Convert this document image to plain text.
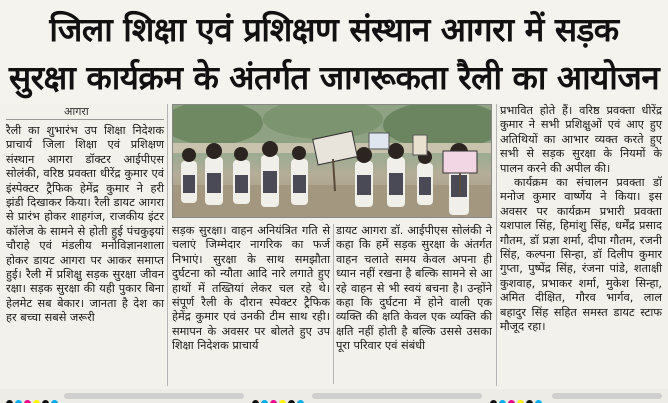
जिला शिक्षा एवं प्रशिक्षण संस्थान आगरा में सड़क
सुरक्षा कार्यक्रम के अंतर्गत जागरूकता रैली का आयोजन
आगरा

रैली का शुभारंभ उप शिक्षा निदेशक प्राचार्य जिला शिक्षा एवं प्रशिक्षण संस्थान आगरा डॉक्टर आईपीएस सोलंकी, वरिष्ठ प्रवक्ता धीरेंद्र कुमार एवं इंस्पेक्टर ट्रैफिक हेमेंद्र कुमार ने हरी झंडी दिखाकर किया। रैली डायट आगरा से प्रारंभ होकर शाहगंज, राजकीय इंटर कॉलेज के सामने से होती हुई पंचकुइयां चौराहे एवं मंडलीय मनोविज्ञानशाला होकर डायट आगरा पर आकर समाप्त हुई। रैली में प्रशिक्षु सड़क सुरक्षा जीवन रक्षा। सड़क सुरक्षा की यही पुकार बिना हेलमेट सब बेकार। जानता है देश का हर बच्चा सबसे जरूरी

सड़क सुरक्षा। वाहन अनियंत्रित गति से चलाएं जिम्मेदार नागरिक का फर्ज निभाएं। सुरक्षा के साथ समझौता दुर्घटना को न्यौता आदि नारे लगाते हुए हाथों में तख्तियां लेकर चल रहे थे। संपूर्ण रैली के दौरान स्पेक्टर ट्रैफिक हेमेंद्र कुमार एवं उनकी टीम साथ रही। समापन के अवसर पर बोलते हुए उप शिक्षा निदेशक प्राचार्य

डायट आगरा डॉ. आईपीएस सोलंकी ने कहा कि हमें सड़क सुरक्षा के अंतर्गत वाहन चलाते समय केवल अपना ही ध्यान नहीं रखना है बल्कि सामने से आ रहे वाहन से भी स्वयं बचना है। उन्होंने कहा कि दुर्घटना में होने वाली एक व्यक्ति की क्षति केवल एक व्यक्ति की क्षति नहीं होती है बल्कि उससे उसका पूरा परिवार एवं संबंधी

प्रभावित होते हैं। वरिष्ठ प्रवक्ता धीरेंद्र कुमार ने सभी प्रशिक्षुओं एवं आए हुए अतिथियों का आभार व्यक्त करते हुए सभी से सड़क सुरक्षा के नियमों के पालन करने की अपील की।

कार्यक्रम का संचालन प्रवक्ता डॉ मनोज कुमार वार्ष्णेय ने किया। इस अवसर पर कार्यक्रम प्रभारी प्रवक्ता यशपाल सिंह, हिमांशु सिंह, धर्मेंद्र प्रसाद गौतम, डॉ प्रज्ञा शर्मा, दीपा गौतम, रजनी सिंह, कल्पना सिन्हा, डॉ दिलीप कुमार गुप्ता, पुष्पेंद्र सिंह, रंजना पांडे, शताक्षी कुशवाह, प्रभाकर शर्मा, मुकेश सिन्हा, अमित दीक्षित, गौरव भार्गव, लाल बहादुर सिंह सहित समस्त डायट स्टाफ मौजूद रहा।
